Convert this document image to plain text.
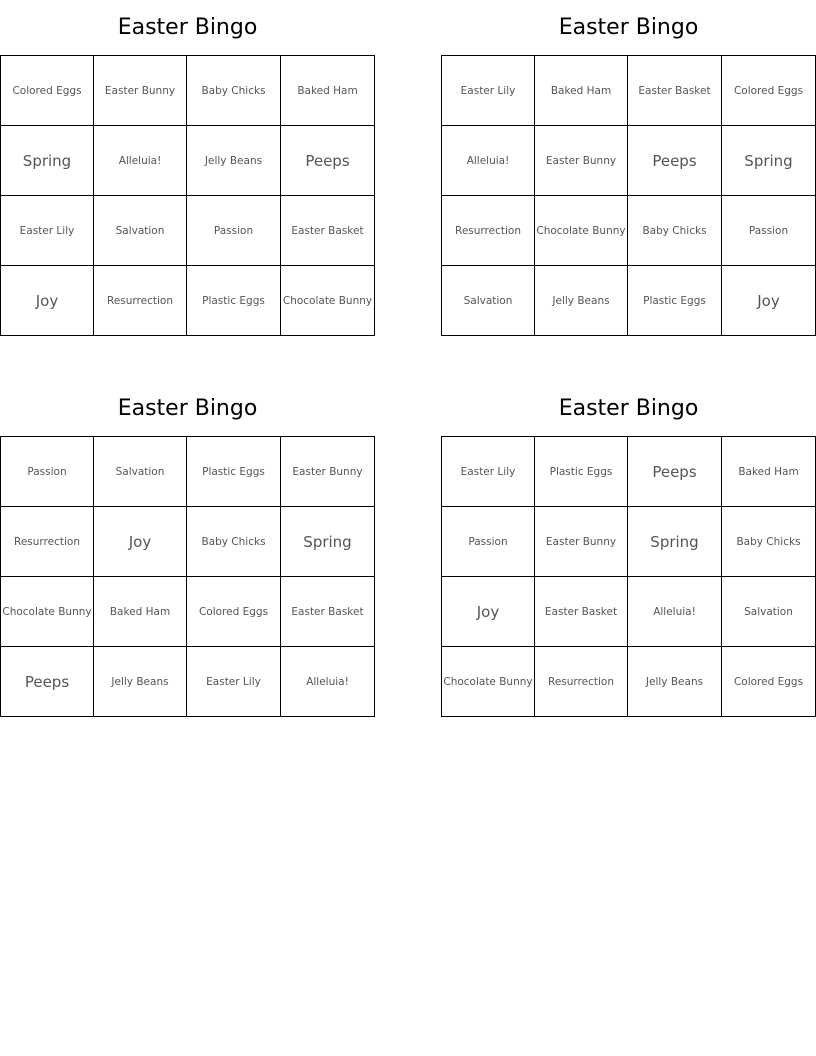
Easter Bingo
Colored Eggs	Easter Bunny	Baby Chicks	Baked Ham
Spring	Alleluia!	Jelly Beans	Peeps
Easter Lily	Salvation	Passion	Easter Basket
Joy	Resurrection	Plastic Eggs	Chocolate Bunny
Easter Bingo
Easter Lily	Baked Ham	Easter Basket	Colored Eggs
Alleluia!	Easter Bunny	Peeps	Spring
Resurrection	Chocolate Bunny	Baby Chicks	Passion
Salvation	Jelly Beans	Plastic Eggs	Joy
Easter Bingo
Passion	Salvation	Plastic Eggs	Easter Bunny
Resurrection	Joy	Baby Chicks	Spring
Chocolate Bunny	Baked Ham	Colored Eggs	Easter Basket
Peeps	Jelly Beans	Easter Lily	Alleluia!
Easter Bingo
Easter Lily	Plastic Eggs	Peeps	Baked Ham
Passion	Easter Bunny	Spring	Baby Chicks
Joy	Easter Basket	Alleluia!	Salvation
Chocolate Bunny	Resurrection	Jelly Beans	Colored Eggs
